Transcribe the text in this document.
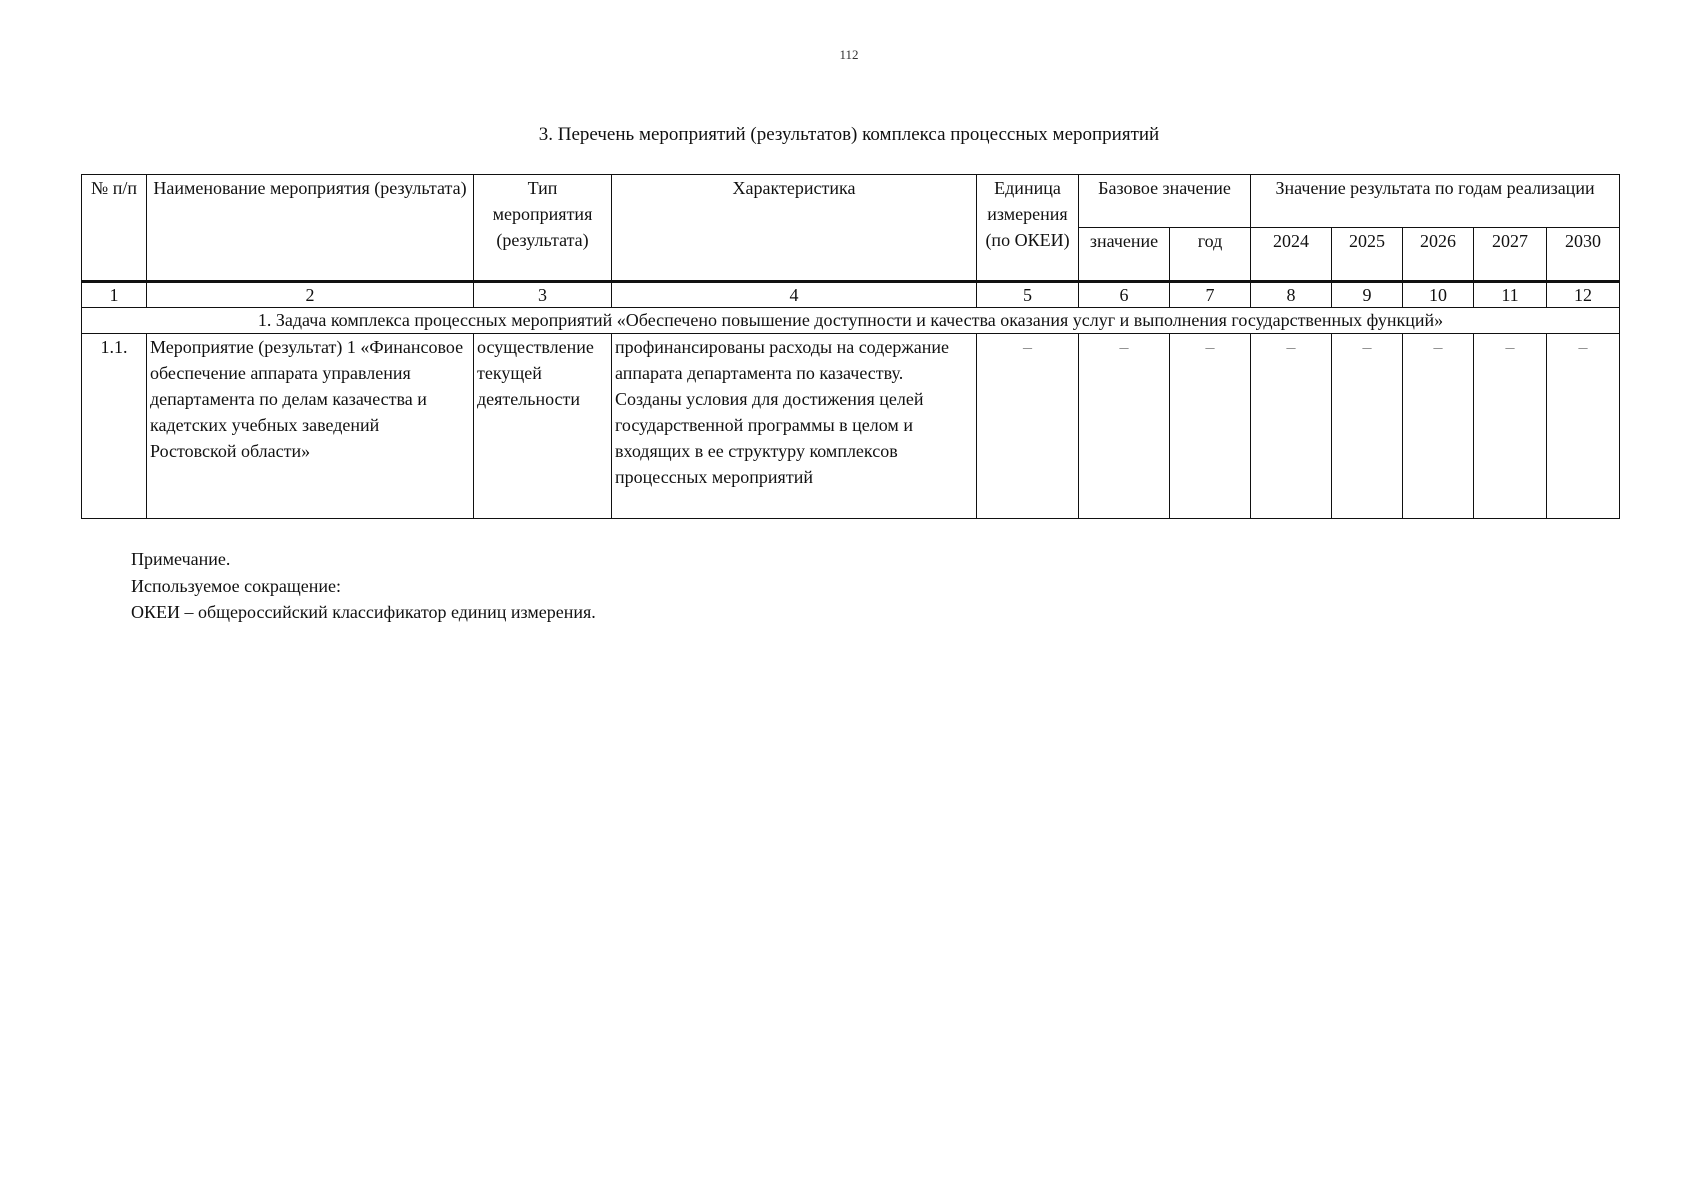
112
3. Перечень мероприятий (результатов) комплекса процессных мероприятий
№ п/п	Наименование мероприятия (результата)	Тип мероприятия (результата)	Характеристика	Единица измерения (по ОКЕИ)	Базовое значение		Значение результата по годам реализации				
					значение	год	2024	2025	2026	2027	2030
1	2	3	4	5	6	7	8	9	10	11	12
1. Задача комплекса процессных мероприятий «Обеспечено повышение доступности и качества оказания услуг и выполнения государственных функций»											
1.1.	Мероприятие (результат) 1 «Финансовое обеспечение аппарата управления департамента по делам казачества и кадетских учебных заведений Ростовской области»	осуществление текущей деятельности	профинансированы расходы на содержание аппарата департамента по казачеству. Созданы условия для достижения целей государственной программы в целом и входящих в ее структуру комплексов процессных мероприятий	–	–	–	–	–	–	–	–
Примечание.
Используемое сокращение:
ОКЕИ – общероссийский классификатор единиц измерения.
